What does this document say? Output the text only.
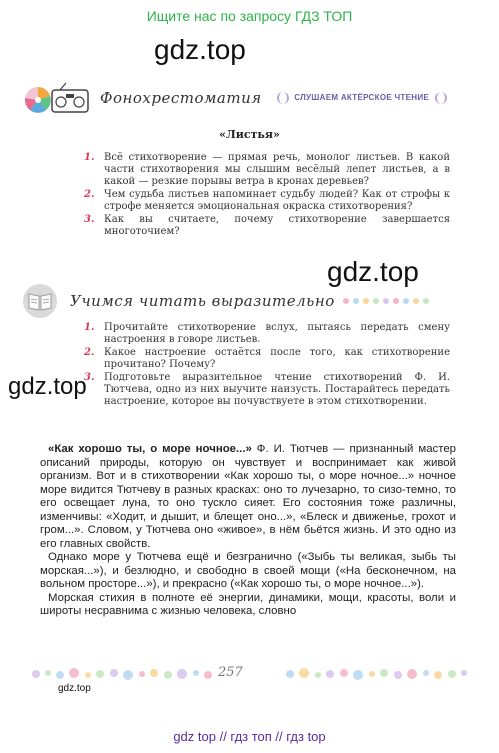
Ищите нас по запросу ГДЗ ТОП
gdz.top
Фонохрестоматия	СЛУШАЕМ АКТЁРСКОЕ ЧТЕНИЕ
«Листья»
1. Всё стихотворение — прямая речь, монолог листьев. В какой части стихотворения мы слышим весёлый лепет листьев, а в какой — резкие порывы ветра в кронах деревьев?
2. Чем судьба листьев напоминает судьбу людей? Как от строфы к строфе меняется эмоциональная окраска стихотворения?
3. Как вы считаете, почему стихотворение завершается многоточием?
gdz.top
Учимся читать выразительно
1. Прочитайте стихотворение вслух, пытаясь передать смену настроения в говоре листьев.
2. Какое настроение остаётся после того, как стихотворение прочитано? Почему?
3. Подготовьте выразительное чтение стихотворений Ф. И. Тютчева, одно из них выучите наизусть. Постарайтесь передать настроение, которое вы почувствуете в этом стихотворении.
gdz.top

«Как хорошо ты, о море ночное...» Ф. И. Тютчев — признанный мастер описаний природы, которую он чувствует и воспринимает как живой организм. Вот и в стихотворении «Как хорошо ты, о море ночное...» ночное море видится Тютчеву в разных красках: оно то лучезарно, то сизо-темно, то его освещает луна, то оно тускло сияет. Его состояния тоже различны, изменчивы: «Ходит, и дышит, и блещет оно...», «Блеск и движенье, грохот и гром...». Словом, у Тютчева оно «живое», в нём бьётся жизнь. И это одно из его главных свойств.

Однако море у Тютчева ещё и безгранично («Зыбь ты великая, зыбь ты морская...»), и безлюдно, и свободно в своей мощи («На бесконечном, на вольном просторе...»), и прекрасно («Как хорошо ты, о море ночное...»).

Морская стихия в полноте её энергии, динамики, мощи, красоты, воли и широты несравнима с жизнью человека, словно

257
gdz.top
gdz top // гдз топ // гдз top
